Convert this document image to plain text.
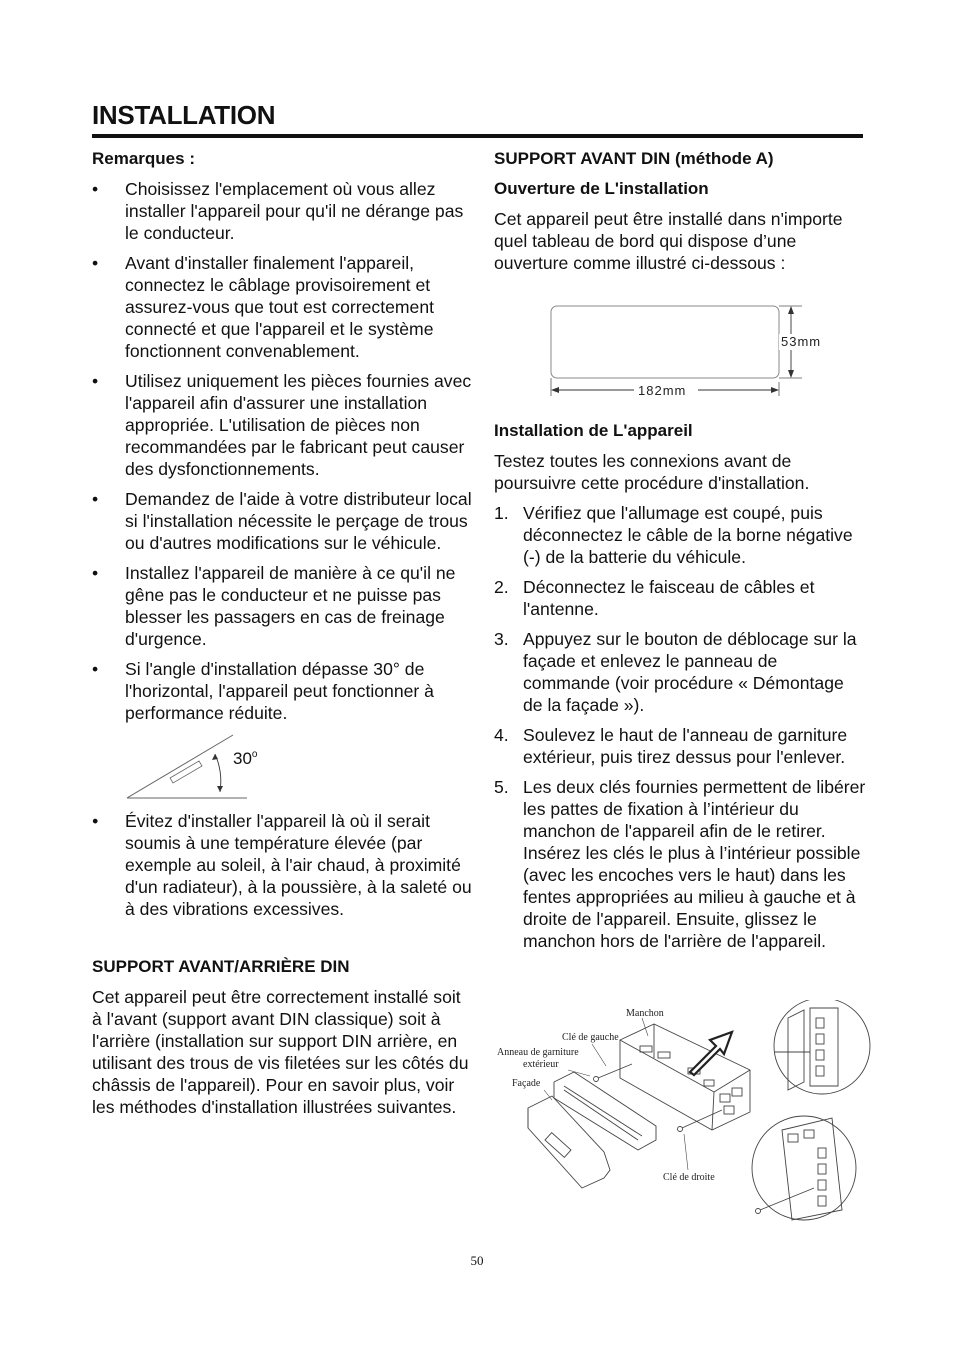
INSTALLATION

Remarques :

• Choisissez l'emplacement où vous allez installer l'appareil pour qu'il ne dérange pas le conducteur.
• Avant d'installer finalement l'appareil, connectez le câblage provisoirement et assurez-vous que tout est correctement connecté et que l'appareil et le système fonctionnent convenablement.
• Utilisez uniquement les pièces fournies avec l'appareil afin d'assurer une installation appropriée. L'utilisation de pièces non recommandées par le fabricant peut causer des dysfonctionnements.
• Demandez de l'aide à votre distributeur local si l'installation nécessite le perçage de trous ou d'autres modifications sur le véhicule.
• Installez l'appareil de manière à ce qu'il ne gêne pas le conducteur et ne puisse pas blesser les passagers en cas de freinage d'urgence.
• Si l'angle d'installation dépasse 30° de l'horizontal, l'appareil peut fonctionner à performance réduite.
30$^o$
• Évitez d'installer l'appareil là où il serait soumis à une température élevée (par exemple au soleil, à l'air chaud, à proximité d'un radiateur), à la poussière, à la saleté ou à des vibrations excessives.

SUPPORT AVANT/ARRIÈRE DIN

Cet appareil peut être correctement installé soit à l'avant (support avant DIN classique) soit à l'arrière (installation sur support DIN arrière, en utilisant des trous de vis filetées sur les côtés du châssis de l'appareil). Pour en savoir plus, voir les méthodes d'installation illustrées suivantes.

SUPPORT AVANT DIN (méthode A)

Ouverture de L'installation

Cet appareil peut être installé dans n'importe quel tableau de bord qui dispose d’une ouverture comme illustré ci-dessous :

53mm
182mm

Installation de L'appareil

Testez toutes les connexions avant de poursuivre cette procédure d'installation.

1. Vérifiez que l'allumage est coupé, puis déconnectez le câble de la borne négative (-) de la batterie du véhicule.
2. Déconnectez le faisceau de câbles et l'antenne.
3. Appuyez sur le bouton de déblocage sur la façade et enlevez le panneau de commande (voir procédure « Démontage de la façade »).
4. Soulevez le haut de l'anneau de garniture extérieur, puis tirez dessus pour l'enlever.
5. Les deux clés fournies permettent de libérer les pattes de fixation à l’intérieur du manchon de l'appareil afin de le retirer. Insérez les clés le plus à l’intérieur possible (avec les encoches vers le haut) dans les fentes appropriées au milieu à gauche et à droite de l'appareil. Ensuite, glissez le manchon hors de l'arrière de l'appareil.
Manchon
Clé de gauche
Anneau de garniture
extérieur
Façade
Clé de droite
50
